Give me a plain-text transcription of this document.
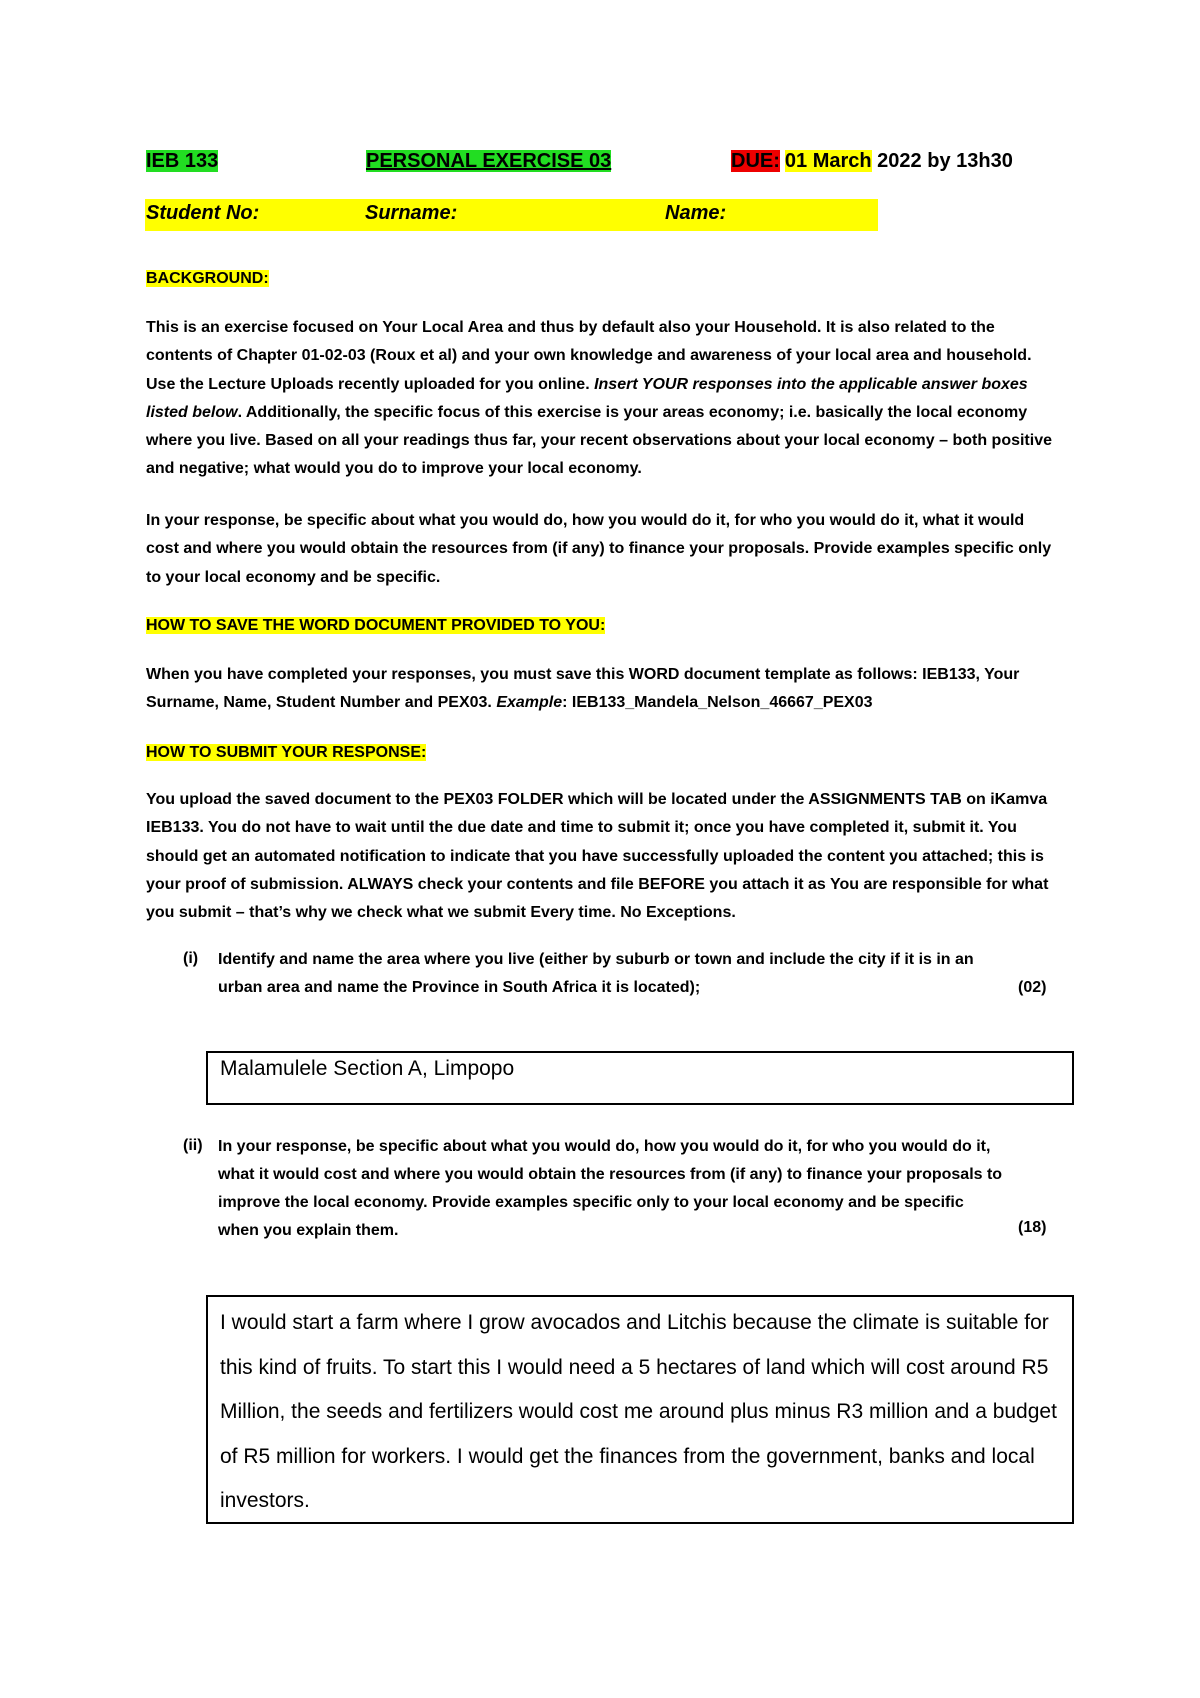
IEB 133	PERSONAL EXERCISE 03	DUE: 01 March 2022 by 13h30
Student No:	Surname:	Name:
BACKGROUND:

This is an exercise focused on Your Local Area and thus by default also your Household. It is also related to the contents of Chapter 01-02-03 (Roux et al) and your own knowledge and awareness of your local area and household. Use the Lecture Uploads recently uploaded for you online. Insert YOUR responses into the applicable answer boxes listed below. Additionally, the specific focus of this exercise is your areas economy; i.e. basically the local economy where you live. Based on all your readings thus far, your recent observations about your local economy – both positive and negative; what would you do to improve your local economy.

In your response, be specific about what you would do, how you would do it, for who you would do it, what it would cost and where you would obtain the resources from (if any) to finance your proposals. Provide examples specific only to your local economy and be specific.

HOW TO SAVE THE WORD DOCUMENT PROVIDED TO YOU:

When you have completed your responses, you must save this WORD document template as follows: IEB133, Your Surname, Name, Student Number and PEX03. Example: IEB133_Mandela_Nelson_46667_PEX03

HOW TO SUBMIT YOUR RESPONSE:

You upload the saved document to the PEX03 FOLDER which will be located under the ASSIGNMENTS TAB on iKamva IEB133. You do not have to wait until the due date and time to submit it; once you have completed it, submit it. You should get an automated notification to indicate that you have successfully uploaded the content you attached; this is your proof of submission. ALWAYS check your contents and file BEFORE you attach it as You are responsible for what you submit – that’s why we check what we submit Every time. No Exceptions.

(i) Identify and name the area where you live (either by suburb or town and include the city if it is in an urban area and name the Province in South Africa it is located);	(02)
Malamulele Section A, Limpopo
(ii) In your response, be specific about what you would do, how you would do it, for who you would do it, what it would cost and where you would obtain the resources from (if any) to finance your proposals to improve the local economy. Provide examples specific only to your local economy and be specific when you explain them.	(18)
I would start a farm where I grow avocados and Litchis because the climate is suitable for this kind of fruits. To start this I would need a 5 hectares of land which will cost around R5 Million, the seeds and fertilizers would cost me around plus minus R3 million and a budget of R5 million for workers. I would get the finances from the government, banks and local investors.
